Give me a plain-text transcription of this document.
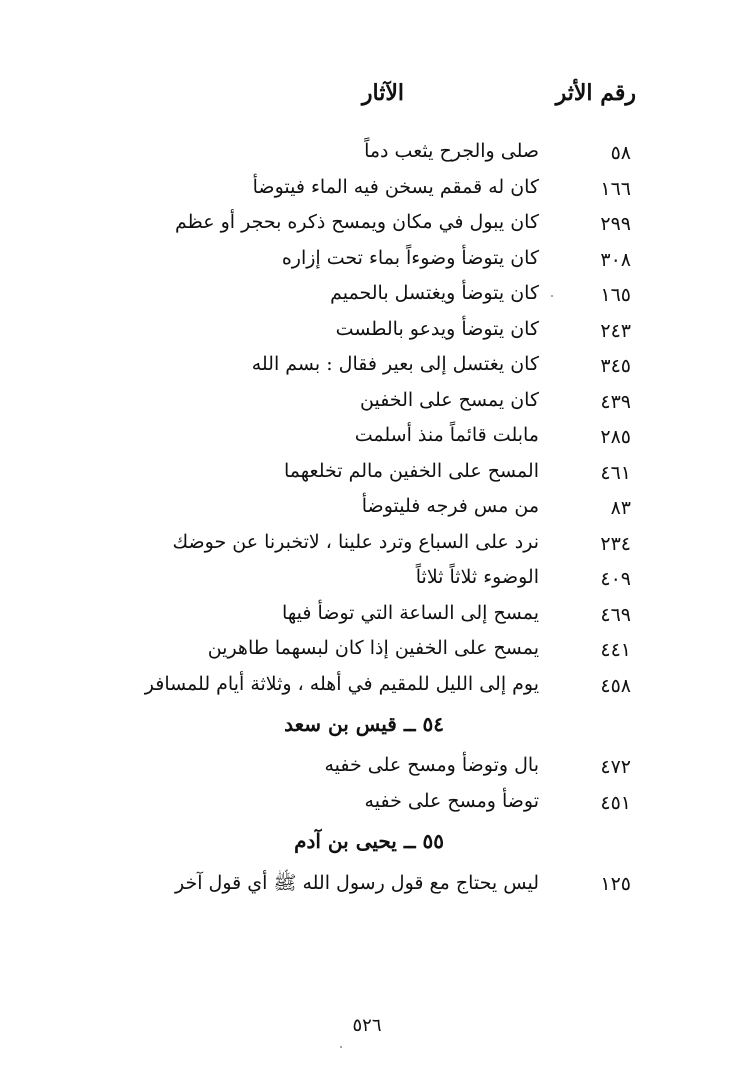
رقم الأثر
الآثار
٥٨
صلى والجرح يثعب دماً
١٦٦
كان له قمقم يسخن فيه الماء فيتوضأ
٢٩٩
كان يبول في مكان ويمسح ذكره بحجر أو عظم
٣٠٨
كان يتوضأ وضوءاً بماء تحت إزاره
١٦٥
كان يتوضأ ويغتسل بالحميم
٢٤٣
كان يتوضأ ويدعو بالطست
٣٤٥
كان يغتسل إلى بعير فقال : بسم الله
٤٣٩
كان يمسح على الخفين
٢٨٥
مابلت قائماً منذ أسلمت
٤٦١
المسح على الخفين مالم تخلعهما
٨٣
من مس فرجه فليتوضأ
٢٣٤
نرد على السباع وترد علينا ، لاتخبرنا عن حوضك
٤٠٩
الوضوء ثلاثاً ثلاثاً
٤٦٩
يمسح إلى الساعة التي توضأ فيها
٤٤١
يمسح على الخفين إذا كان لبسهما طاهرين
٤٥٨
يوم إلى الليل للمقيم في أهله ، وثلاثة أيام للمسافر
٥٤ ــ قيس بن سعد
٤٧٢
بال وتوضأ ومسح على خفيه
٤٥١
توضأ ومسح على خفيه
٥٥ ــ يحيى بن آدم
١٢٥
ليس يحتاج مع قول رسول الله ﷺ أي قول آخر
٥٢٦
